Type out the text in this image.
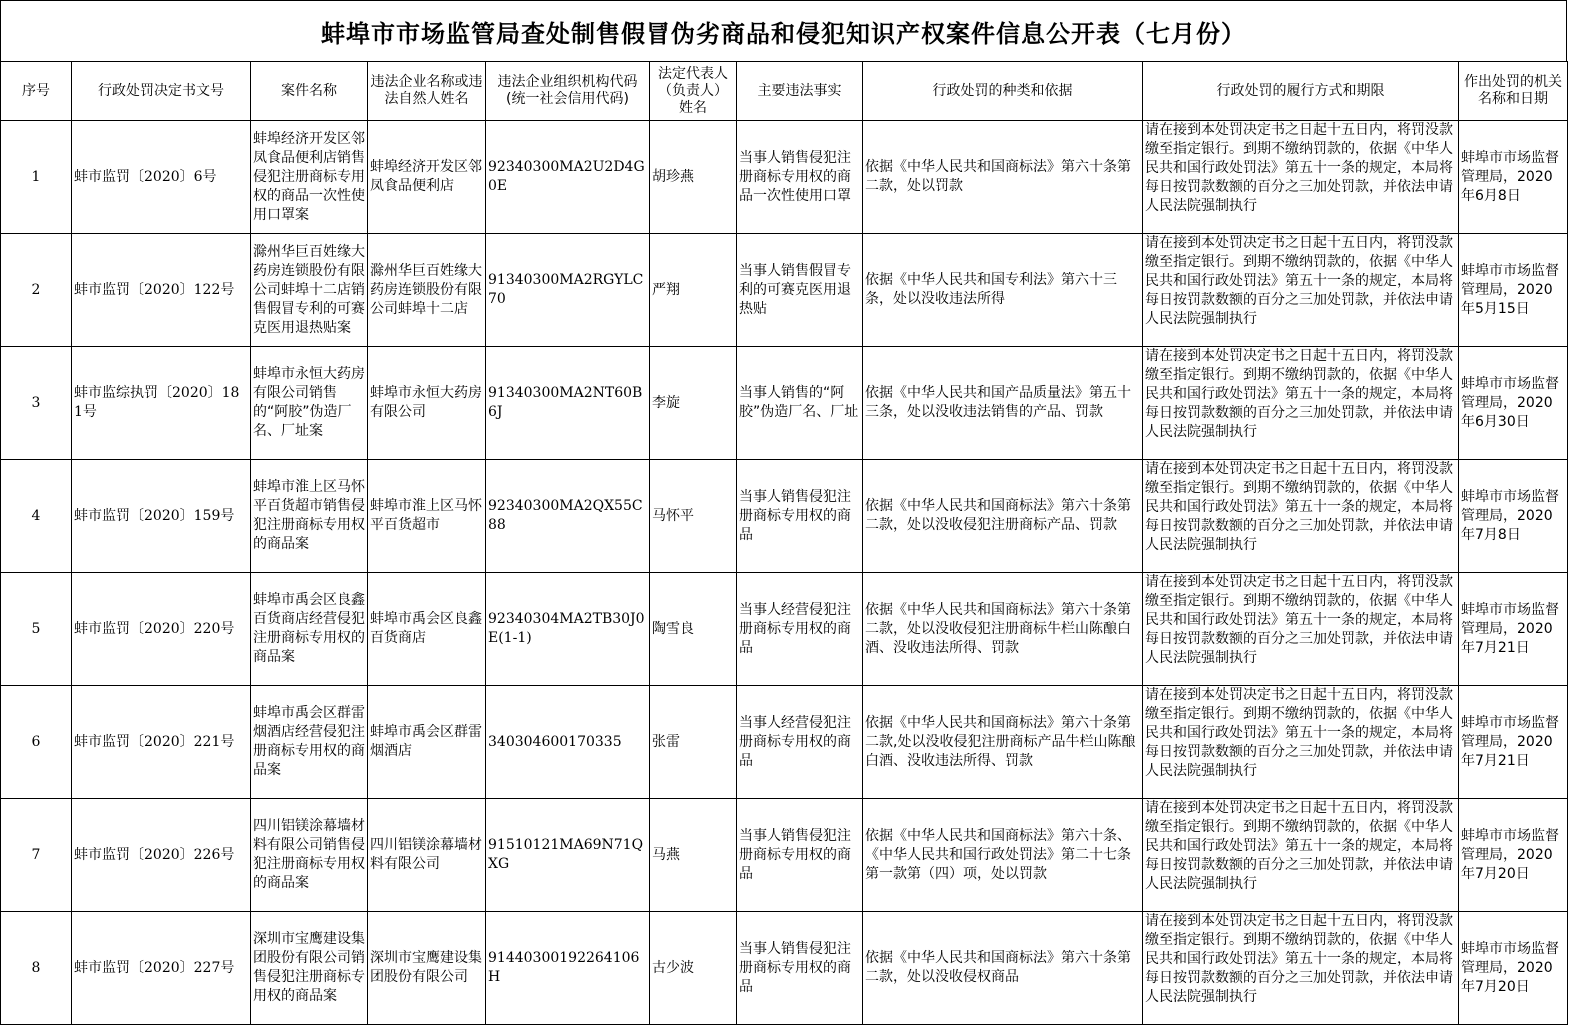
蚌埠市市场监管局查处制售假冒伪劣商品和侵犯知识产权案件信息公开表（七月份）
序号	行政处罚决定书文号	案件名称	违法企业名称或违法自然人姓名	违法企业组织机构代码(统一社会信用代码)	法定代表人（负责人）姓名	主要违法事实	行政处罚的种类和依据	行政处罚的履行方式和期限	作出处罚的机关名称和日期
1	蚌市监罚〔2020〕6号	蚌埠经济开发区邻凤食品便利店销售侵犯注册商标专用权的商品一次性使用口罩案	蚌埠经济开发区邻凤食品便利店	92340300MA2U2D4G0E	胡珍燕	当事人销售侵犯注册商标专用权的商品一次性使用口罩	依据《中华人民共和国商标法》第六十条第二款，处以罚款	请在接到本处罚决定书之日起十五日内，将罚没款缴至指定银行。到期不缴纳罚款的，依据《中华人民共和国行政处罚法》第五十一条的规定，本局将每日按罚款数额的百分之三加处罚款，并依法申请人民法院强制执行	蚌埠市市场监督管理局，2020年6月8日
2	蚌市监罚〔2020〕122号	滁州华巨百姓缘大药房连锁股份有限公司蚌埠十二店销售假冒专利的可赛克医用退热贴案	滁州华巨百姓缘大药房连锁股份有限公司蚌埠十二店	91340300MA2RGYLC70	严翔	当事人销售假冒专利的可赛克医用退热贴	依据《中华人民共和国专利法》第六十三条，处以没收违法所得	请在接到本处罚决定书之日起十五日内，将罚没款缴至指定银行。到期不缴纳罚款的，依据《中华人民共和国行政处罚法》第五十一条的规定，本局将每日按罚款数额的百分之三加处罚款，并依法申请人民法院强制执行	蚌埠市市场监督管理局，2020年5月15日
3	蚌市监综执罚〔2020〕181号	蚌埠市永恒大药房有限公司销售的“阿胶”伪造厂名、厂址案	蚌埠市永恒大药房有限公司	91340300MA2NT60B6J	李旋	当事人销售的“阿胶”伪造厂名、厂址	依据《中华人民共和国产品质量法》第五十三条，处以没收违法销售的产品、罚款	请在接到本处罚决定书之日起十五日内，将罚没款缴至指定银行。到期不缴纳罚款的，依据《中华人民共和国行政处罚法》第五十一条的规定，本局将每日按罚款数额的百分之三加处罚款，并依法申请人民法院强制执行	蚌埠市市场监督管理局，2020年6月30日
4	蚌市监罚〔2020〕159号	蚌埠市淮上区马怀平百货超市销售侵犯注册商标专用权的商品案	蚌埠市淮上区马怀平百货超市	92340300MA2QX55C88	马怀平	当事人销售侵犯注册商标专用权的商品	依据《中华人民共和国商标法》第六十条第二款，处以没收侵犯注册商标产品、罚款	请在接到本处罚决定书之日起十五日内，将罚没款缴至指定银行。到期不缴纳罚款的，依据《中华人民共和国行政处罚法》第五十一条的规定，本局将每日按罚款数额的百分之三加处罚款，并依法申请人民法院强制执行	蚌埠市市场监督管理局，2020年7月8日
5	蚌市监罚〔2020〕220号	蚌埠市禹会区良鑫百货商店经营侵犯注册商标专用权的商品案	蚌埠市禹会区良鑫百货商店	92340304MA2TB30J0E(1-1)	陶雪良	当事人经营侵犯注册商标专用权的商品	依据《中华人民共和国商标法》第六十条第二款，处以没收侵犯注册商标牛栏山陈酿白酒、没收违法所得、罚款	请在接到本处罚决定书之日起十五日内，将罚没款缴至指定银行。到期不缴纳罚款的，依据《中华人民共和国行政处罚法》第五十一条的规定，本局将每日按罚款数额的百分之三加处罚款，并依法申请人民法院强制执行	蚌埠市市场监督管理局，2020年7月21日
6	蚌市监罚〔2020〕221号	蚌埠市禹会区群雷烟酒店经营侵犯注册商标专用权的商品案	蚌埠市禹会区群雷烟酒店	340304600170335	张雷	当事人经营侵犯注册商标专用权的商品	依据《中华人民共和国商标法》第六十条第二款,处以没收侵犯注册商标产品牛栏山陈酿白酒、没收违法所得、罚款	请在接到本处罚决定书之日起十五日内，将罚没款缴至指定银行。到期不缴纳罚款的，依据《中华人民共和国行政处罚法》第五十一条的规定，本局将每日按罚款数额的百分之三加处罚款，并依法申请人民法院强制执行	蚌埠市市场监督管理局，2020年7月21日
7	蚌市监罚〔2020〕226号	四川铝镁涂幕墙材料有限公司销售侵犯注册商标专用权的商品案	四川铝镁涂幕墙材料有限公司	91510121MA69N71QXG	马燕	当事人销售侵犯注册商标专用权的商品	依据《中华人民共和国商标法》第六十条、《中华人民共和国行政处罚法》第二十七条第一款第（四）项，处以罚款	请在接到本处罚决定书之日起十五日内，将罚没款缴至指定银行。到期不缴纳罚款的，依据《中华人民共和国行政处罚法》第五十一条的规定，本局将每日按罚款数额的百分之三加处罚款，并依法申请人民法院强制执行	蚌埠市市场监督管理局，2020年7月20日
8	蚌市监罚〔2020〕227号	深圳市宝鹰建设集团股份有限公司销售侵犯注册商标专用权的商品案	深圳市宝鹰建设集团股份有限公司	91440300192264106H	古少波	当事人销售侵犯注册商标专用权的商品	依据《中华人民共和国商标法》第六十条第二款，处以没收侵权商品	请在接到本处罚决定书之日起十五日内，将罚没款缴至指定银行。到期不缴纳罚款的，依据《中华人民共和国行政处罚法》第五十一条的规定，本局将每日按罚款数额的百分之三加处罚款，并依法申请人民法院强制执行	蚌埠市市场监督管理局，2020年7月20日
